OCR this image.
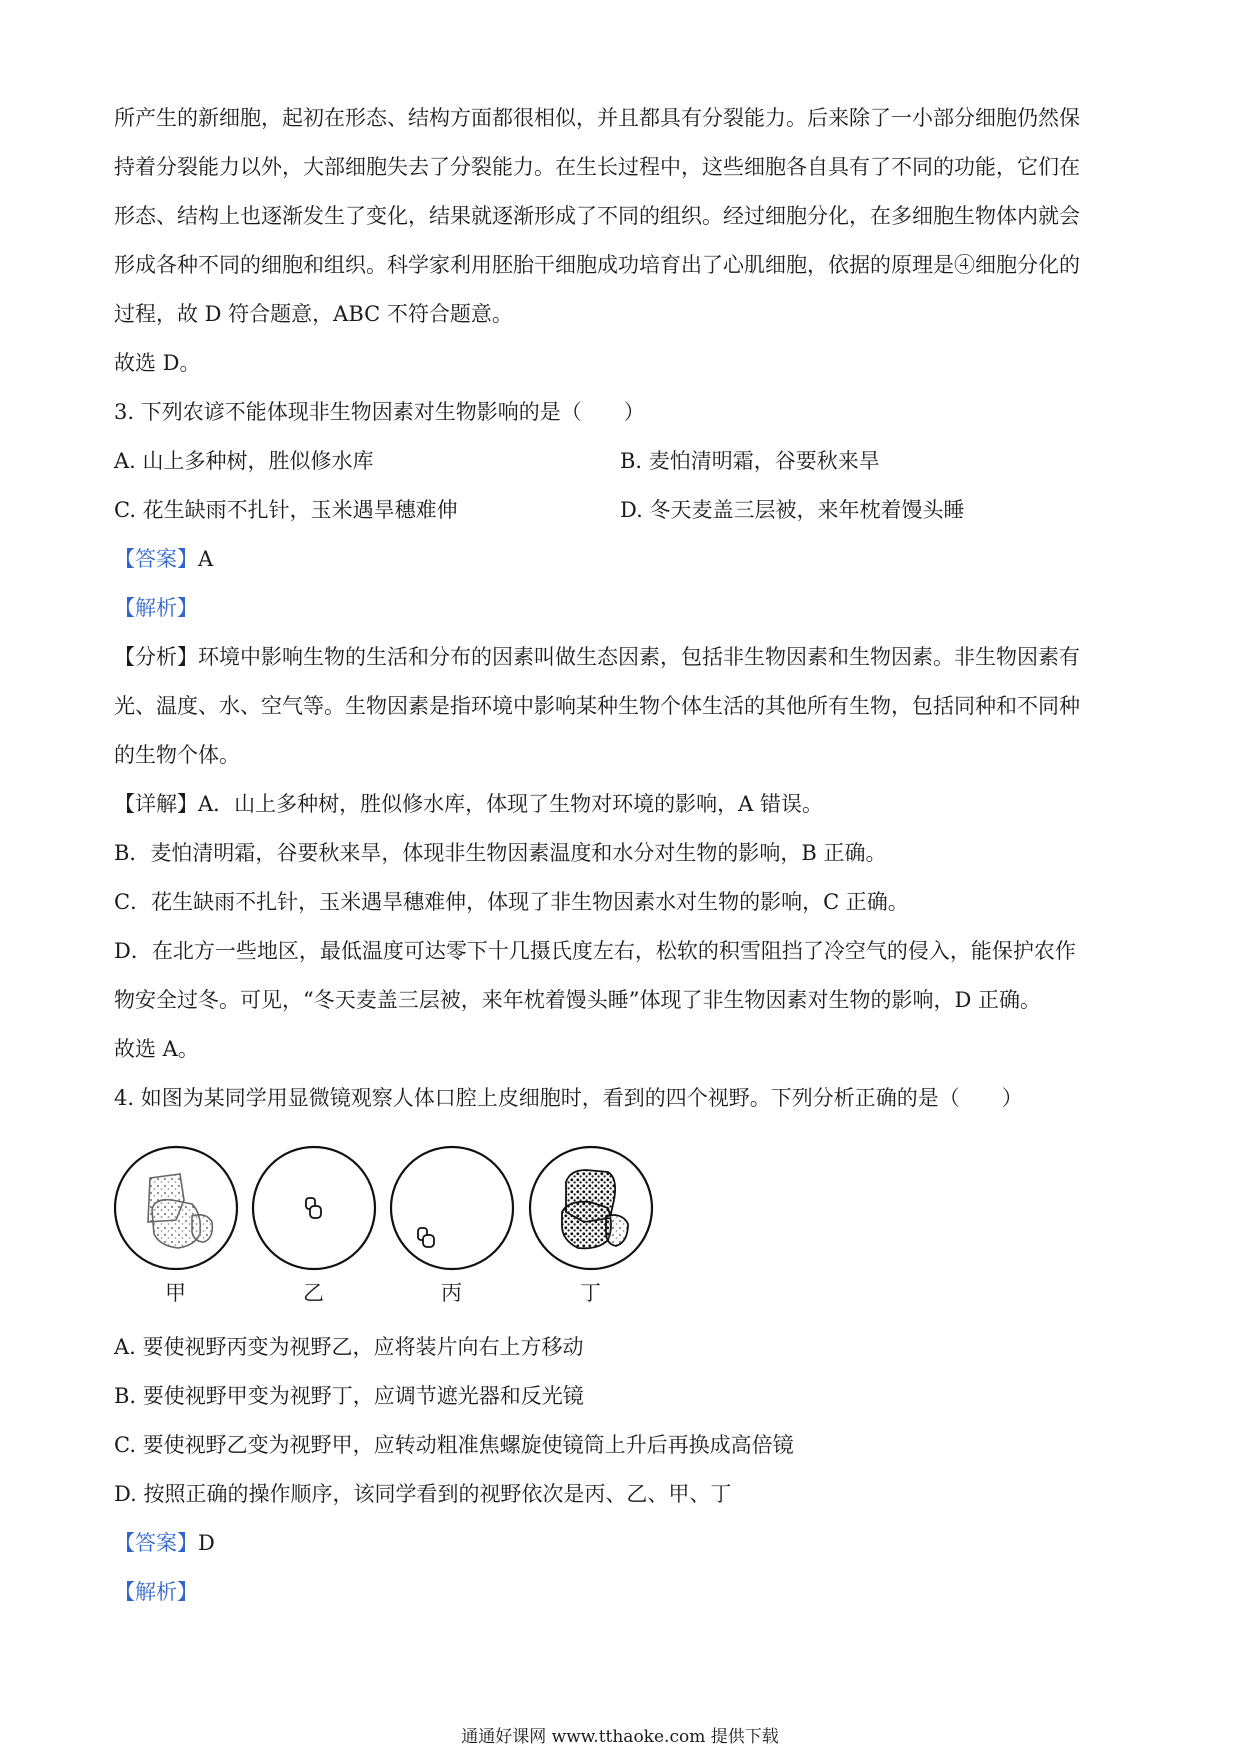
所产生的新细胞，起初在形态、结构方面都很相似，并且都具有分裂能力。后来除了一小部分细胞仍然保
持着分裂能力以外，大部细胞失去了分裂能力。在生长过程中，这些细胞各自具有了不同的功能，它们在
形态、结构上也逐渐发生了变化，结果就逐渐形成了不同的组织。经过细胞分化，在多细胞生物体内就会
形成各种不同的细胞和组织。科学家利用胚胎干细胞成功培育出了心肌细胞，依据的原理是④细胞分化的
过程，故 D 符合题意，ABC 不符合题意。
故选 D。
3. 下列农谚不能体现非生物因素对生物影响的是（　　）
A. 山上多种树，胜似修水库	B. 麦怕清明霜，谷要秋来旱
C. 花生缺雨不扎针，玉米遇旱穗难伸	D. 冬天麦盖三层被，来年枕着馒头睡
【答案】A
【解析】
【分析】环境中影响生物的生活和分布的因素叫做生态因素，包括非生物因素和生物因素。非生物因素有
光、温度、水、空气等。生物因素是指环境中影响某种生物个体生活的其他所有生物，包括同种和不同种
的生物个体。
【详解】A．山上多种树，胜似修水库，体现了生物对环境的影响，A 错误。
B．麦怕清明霜，谷要秋来旱，体现非生物因素温度和水分对生物的影响，B 正确。
C．花生缺雨不扎针，玉米遇旱穗难伸，体现了非生物因素水对生物的影响，C 正确。
D．在北方一些地区，最低温度可达零下十几摄氏度左右，松软的积雪阻挡了冷空气的侵入，能保护农作
物安全过冬。可见，“冬天麦盖三层被，来年枕着馒头睡”体现了非生物因素对生物的影响，D 正确。
故选 A。
4. 如图为某同学用显微镜观察人体口腔上皮细胞时，看到的四个视野。下列分析正确的是（　　）
甲	乙	丙	丁
A. 要使视野丙变为视野乙，应将装片向右上方移动
B. 要使视野甲变为视野丁，应调节遮光器和反光镜
C. 要使视野乙变为视野甲，应转动粗准焦螺旋使镜筒上升后再换成高倍镜
D. 按照正确的操作顺序，该同学看到的视野依次是丙、乙、甲、丁
【答案】D
【解析】
通通好课网 www.tthaoke.com 提供下载
